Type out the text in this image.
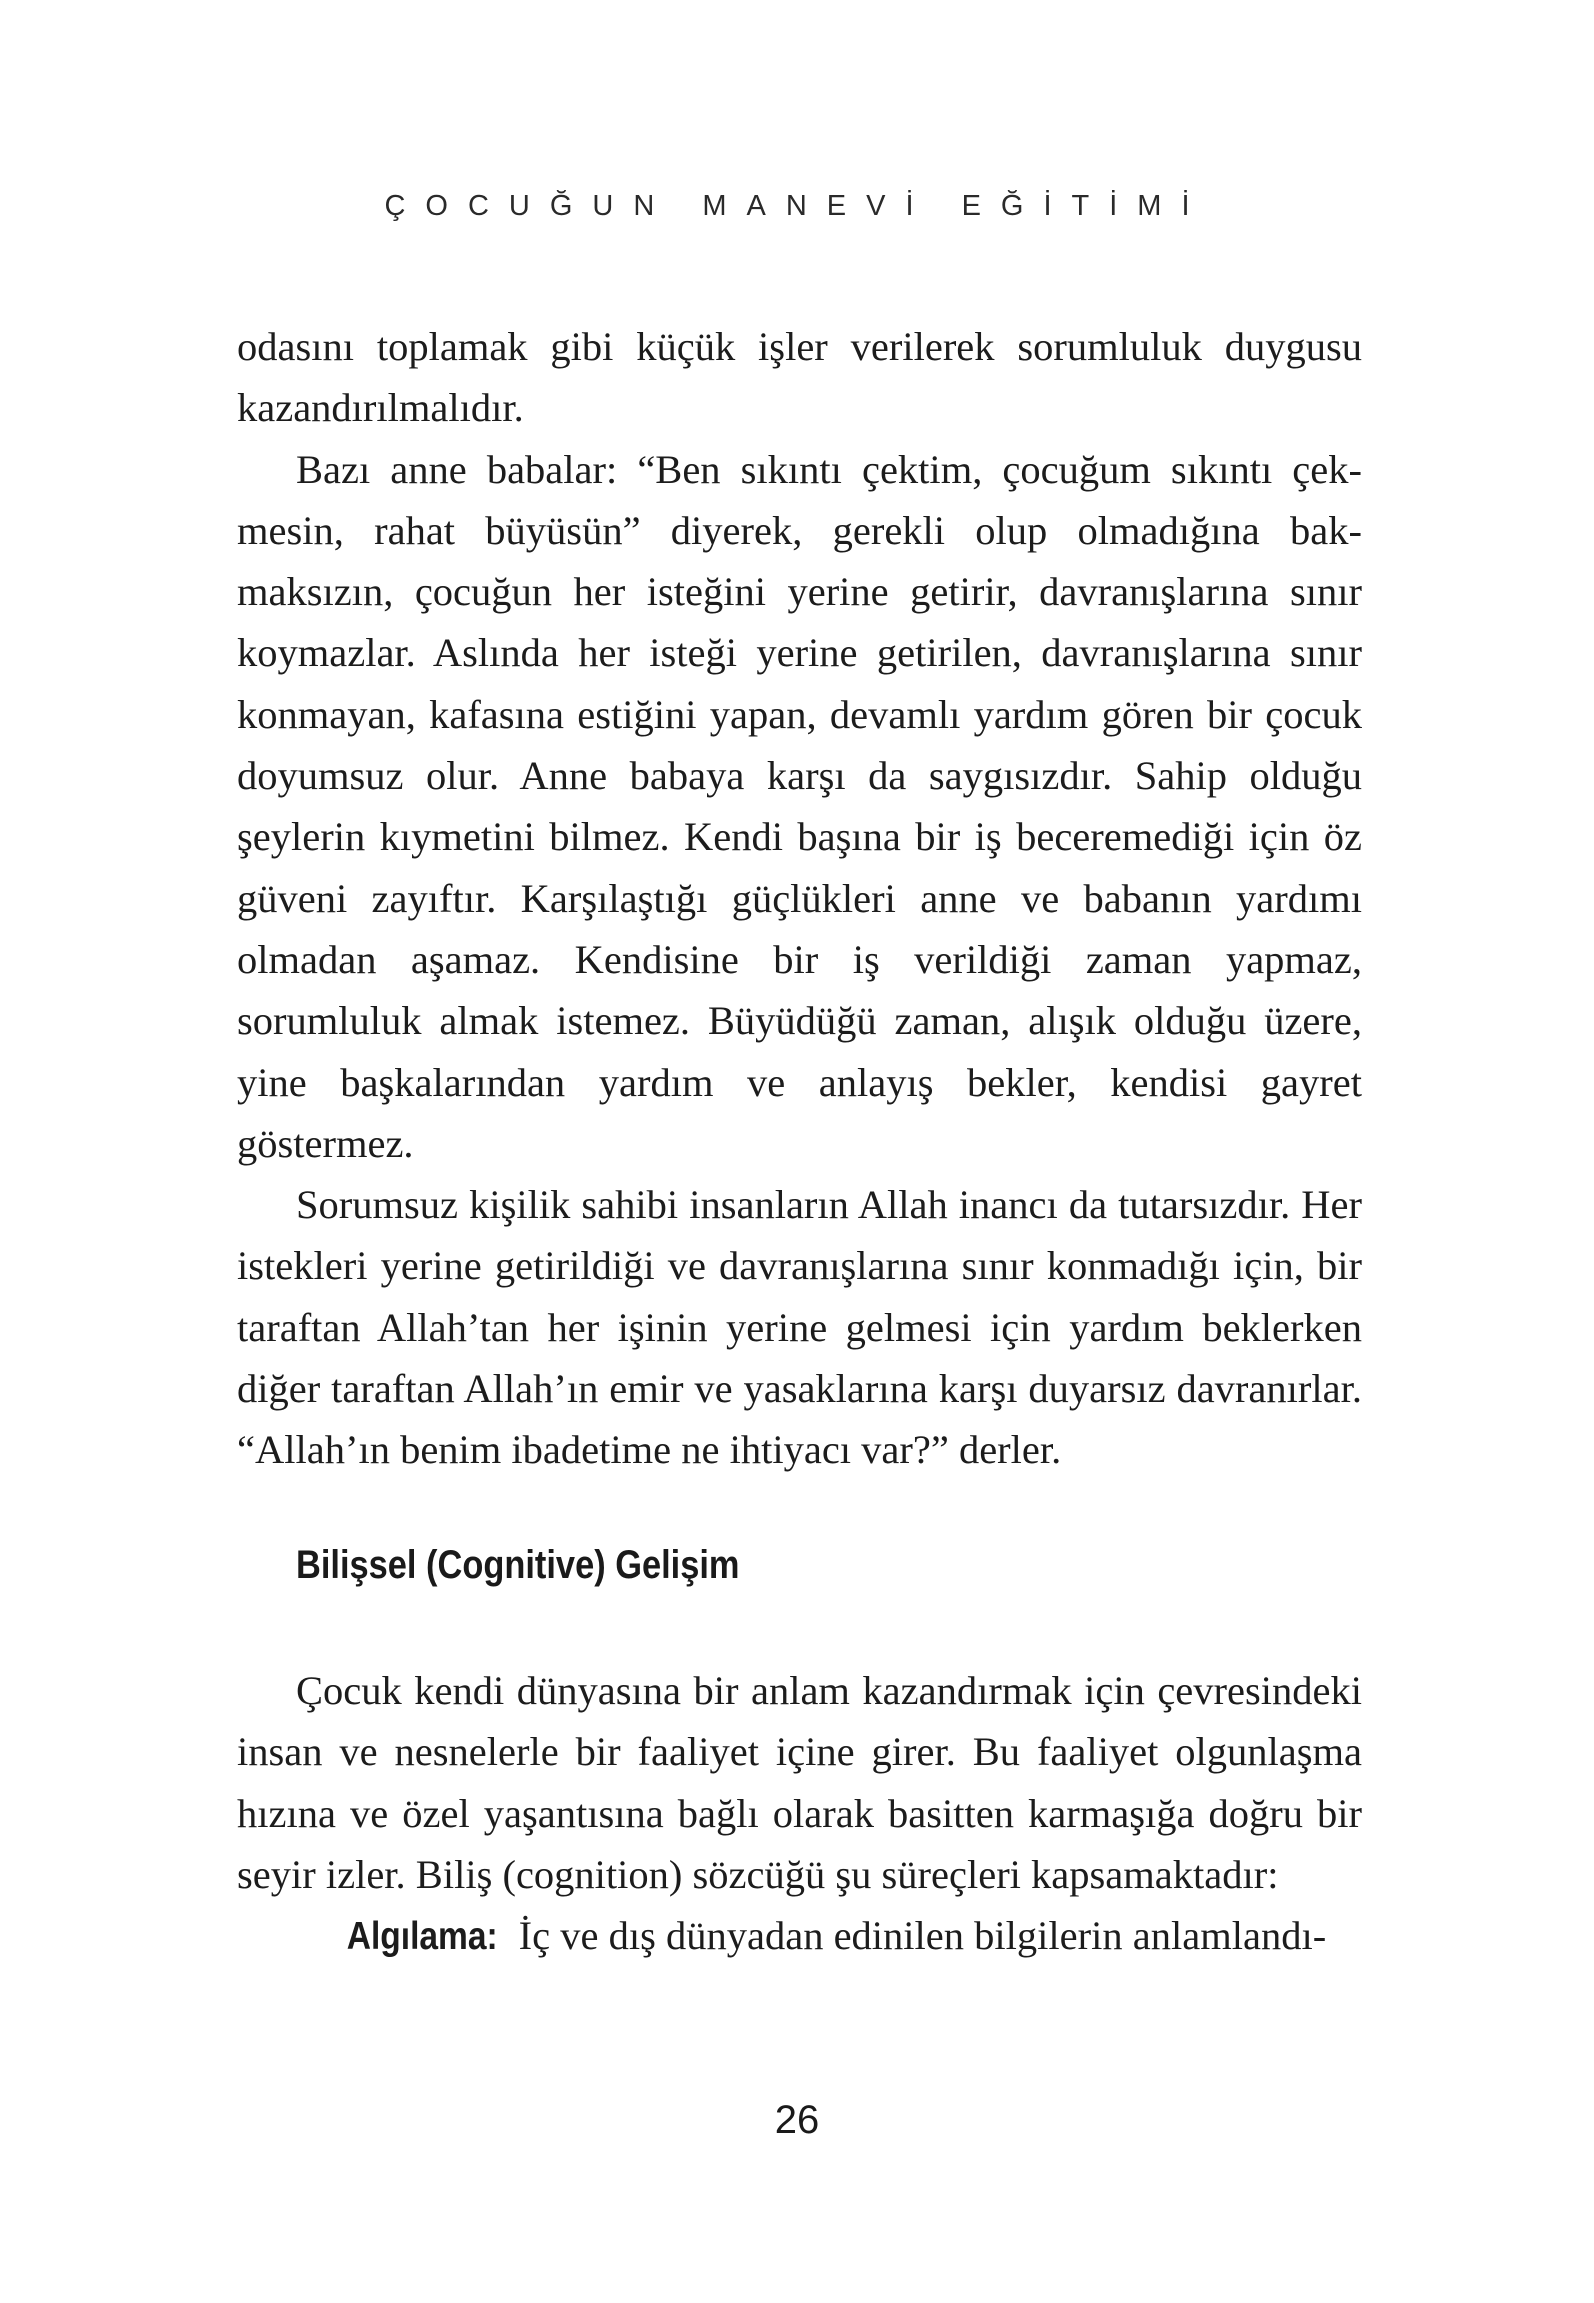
ÇOCUĞUN MANEVİ EĞİTİMİ

odasını toplamak gibi küçük işler verilerek sorumluluk duygusu kazandırılmalıdır.

Bazı anne babalar: “Ben sıkıntı çektim, çocuğum sıkıntı çekmesin, rahat büyüsün” diyerek, gerekli olup olmadığına bakmaksızın, çocuğun her isteğini yerine getirir, davranışlarına sınır koymazlar. Aslında her isteği yerine getirilen, davranışlarına sınır konmayan, kafasına estiğini yapan, devamlı yardım gören bir çocuk doyumsuz olur. Anne babaya karşı da saygısızdır. Sahip olduğu şeylerin kıymetini bilmez. Kendi başına bir iş beceremediği için öz güveni zayıftır. Karşılaştığı güçlükleri anne ve babanın yardımı olmadan aşamaz. Kendisine bir iş verildiği zaman yapmaz, sorumluluk almak istemez. Büyüdüğü zaman, alışık olduğu üzere, yine başkalarından yardım ve anlayış bekler, kendisi gayret göstermez.

Sorumsuz kişilik sahibi insanların Allah inancı da tutarsızdır. Her istekleri yerine getirildiği ve davranışlarına sınır konmadığı için, bir taraftan Allah’tan her işinin yerine gelmesi için yardım beklerken diğer taraftan Allah’ın emir ve yasaklarına karşı duyarsız davranırlar. “Allah’ın benim ibadetime ne ihtiyacı var?” derler.

Bilişsel (Cognitive) Gelişim

Çocuk kendi dünyasına bir anlam kazandırmak için çevresindeki insan ve nesnelerle bir faaliyet içine girer. Bu faaliyet olgunlaşma hızına ve özel yaşantısına bağlı olarak basitten karmaşığa doğru bir seyir izler. Biliş (cognition) sözcüğü şu süreçleri kapsamaktadır:

Algılama: İç ve dış dünyadan edinilen bilgilerin anlamlandı-

26
